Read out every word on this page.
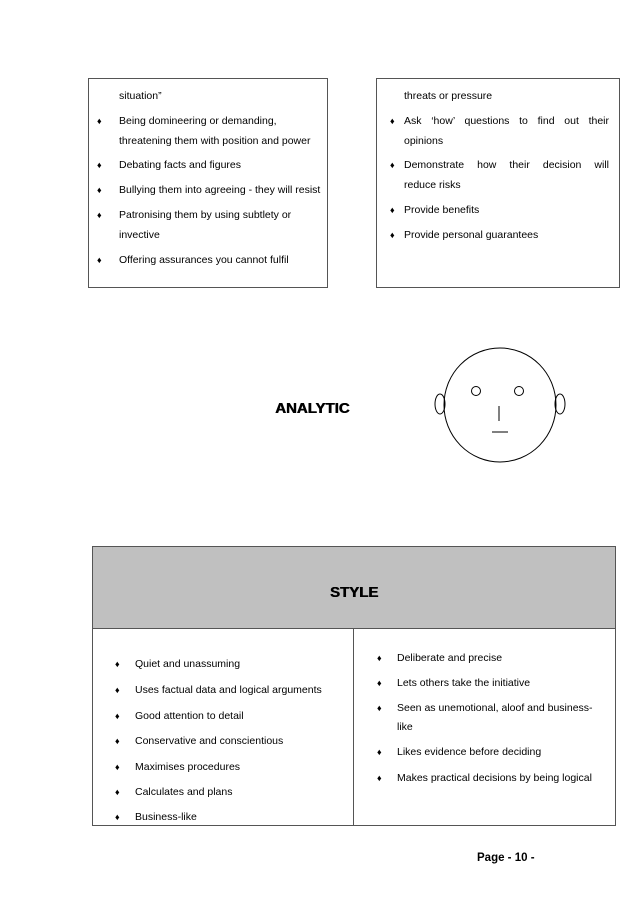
situation”
♦ Being domineering or demanding,
threatening them with position and power
♦ Debating facts and figures
♦ Bullying them into agreeing - they will resist
♦ Patronising them by using subtlety or
invective
♦ Offering assurances you cannot fulfil
threats or pressure
♦ Ask ‘how’ questions to find out their
opinions
♦ Demonstrate how their decision will
reduce risks
♦ Provide benefits
♦ Provide personal guarantees
ANALYTIC
STYLE
♦ Quiet and unassuming
♦ Uses factual data and logical arguments
♦ Good attention to detail
♦ Conservative and conscientious
♦ Maximises procedures
♦ Calculates and plans
♦ Business-like
♦ Deliberate and precise
♦ Lets others take the initiative
♦ Seen as unemotional, aloof and business-
like
♦ Likes evidence before deciding
♦ Makes practical decisions by being logical
Page - 10 -
